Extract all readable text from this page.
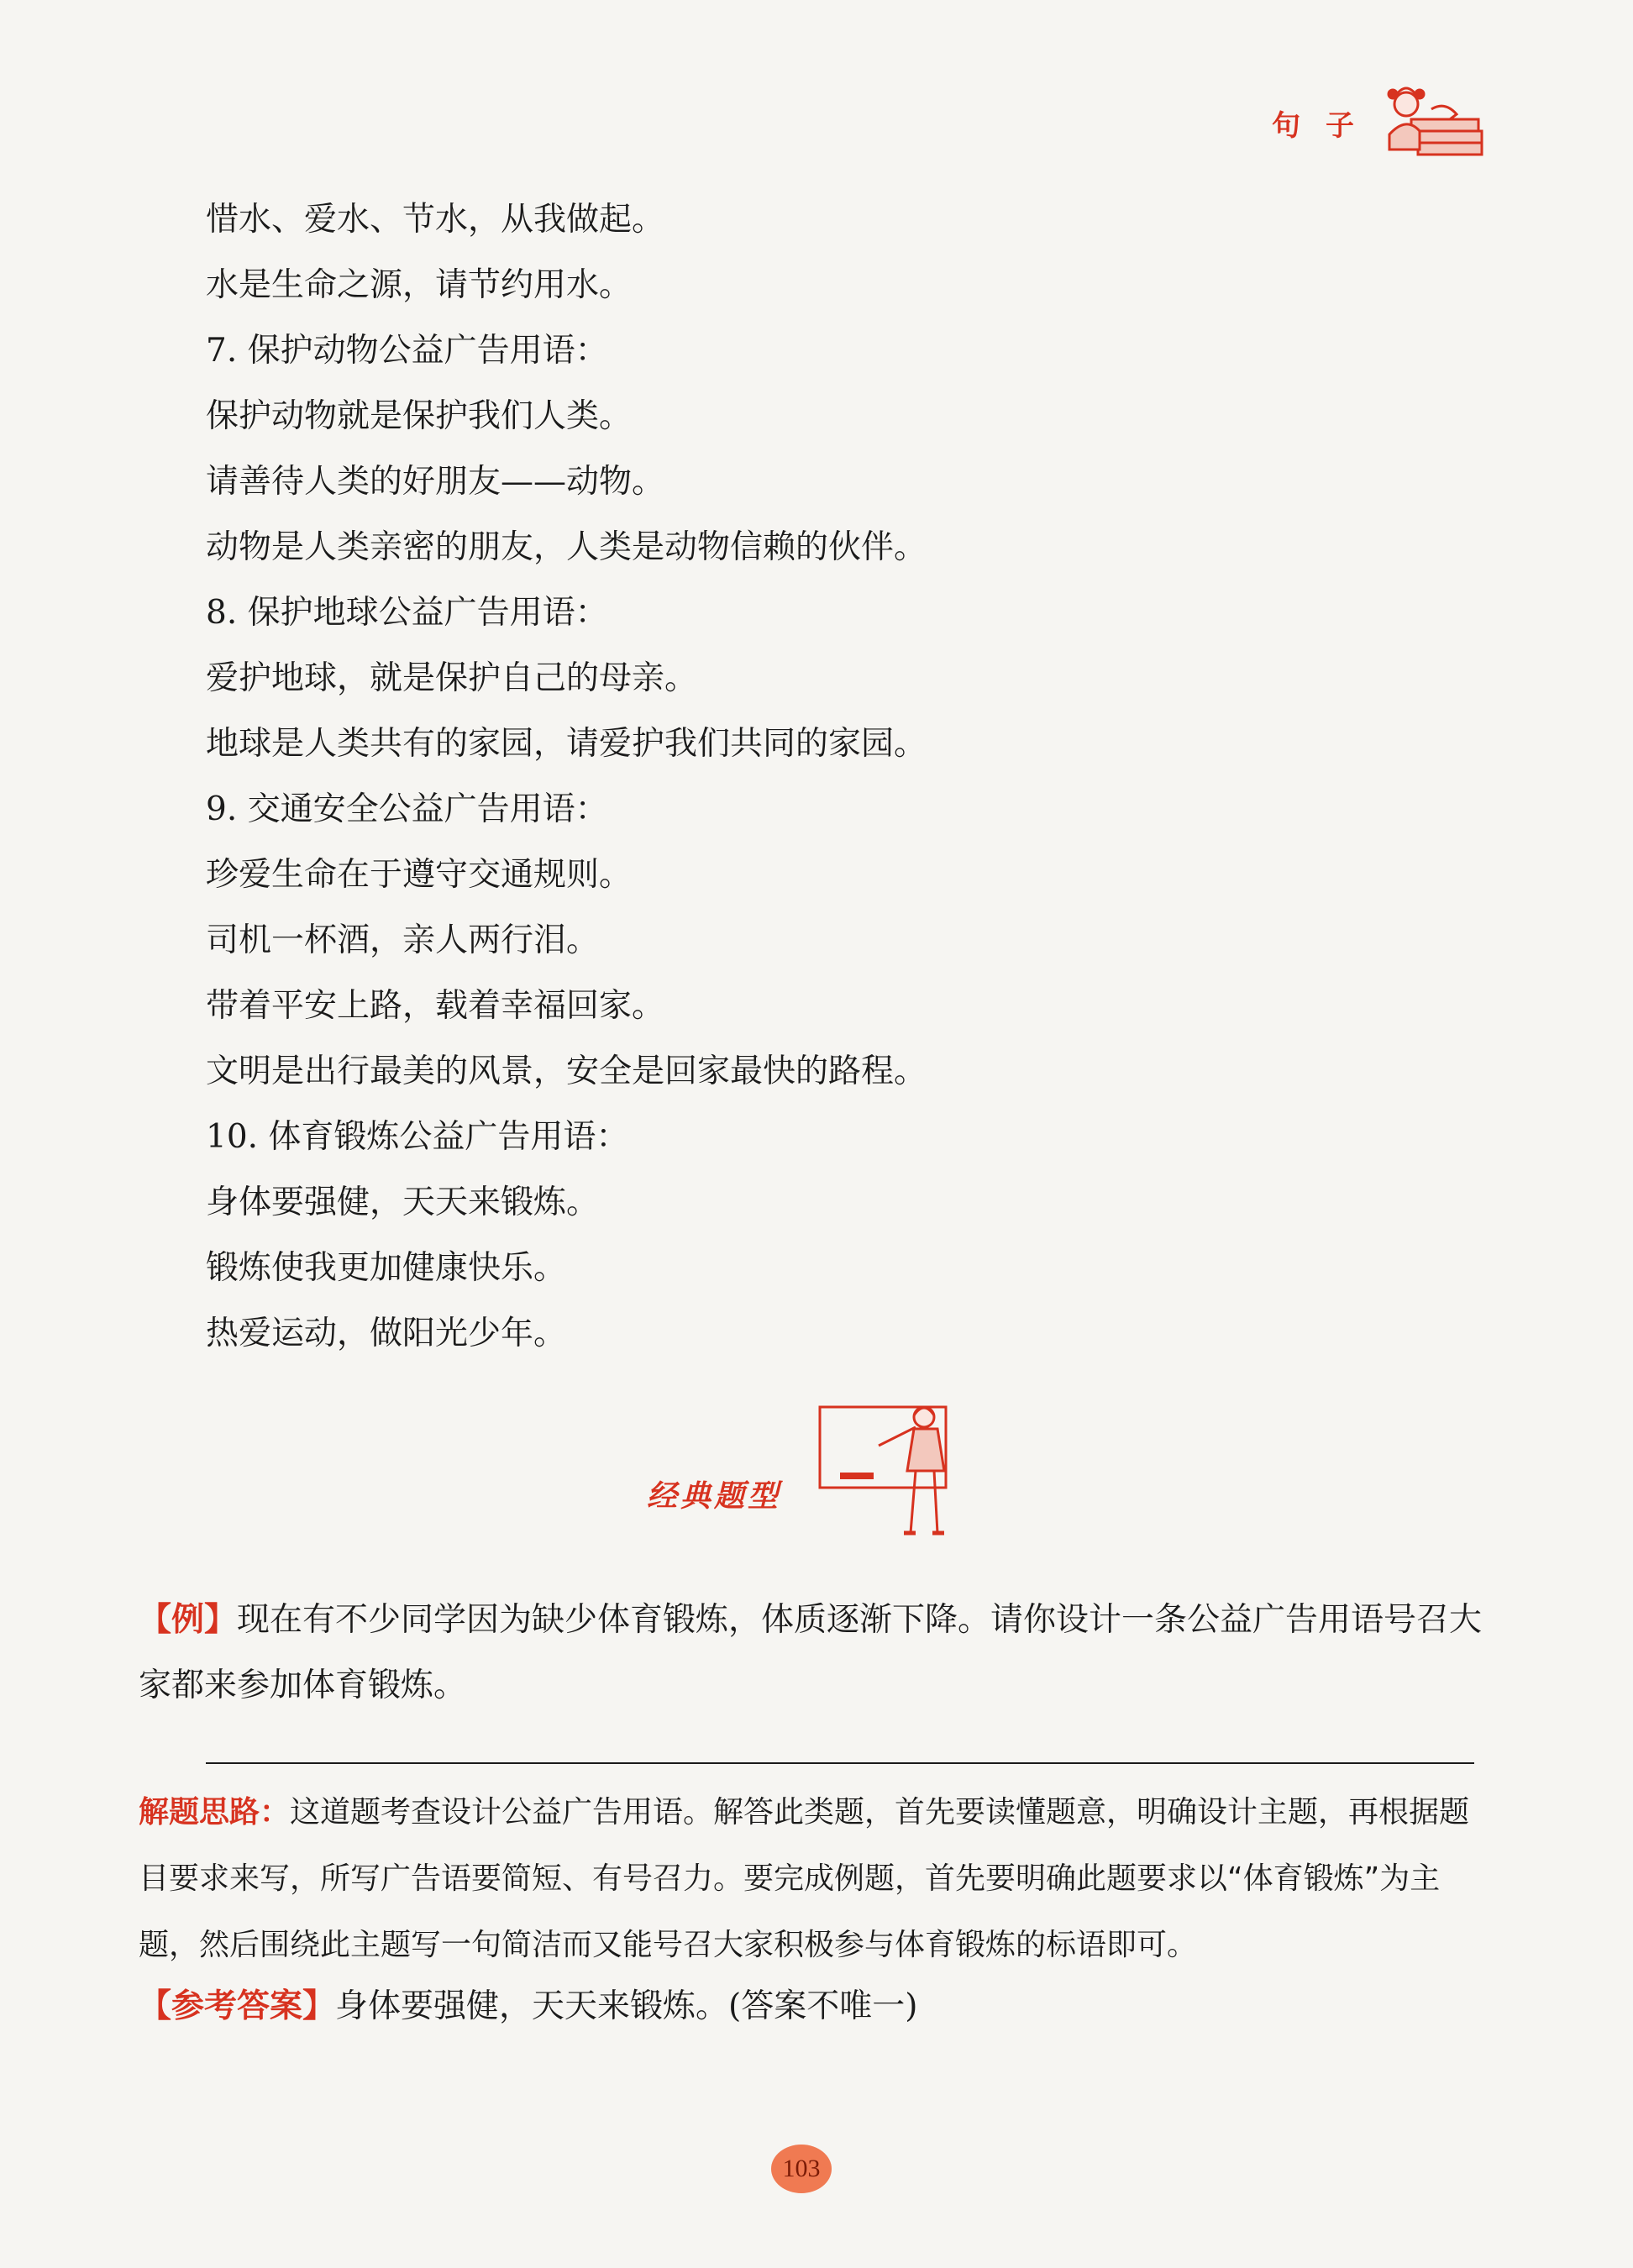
句子
惜水、爱水、节水，从我做起。
水是生命之源，请节约用水。
7. 保护动物公益广告用语：
保护动物就是保护我们人类。
请善待人类的好朋友——动物。
动物是人类亲密的朋友，人类是动物信赖的伙伴。
8. 保护地球公益广告用语：
爱护地球，就是保护自己的母亲。
地球是人类共有的家园，请爱护我们共同的家园。
9. 交通安全公益广告用语：
珍爱生命在于遵守交通规则。
司机一杯酒，亲人两行泪。
带着平安上路，载着幸福回家。
文明是出行最美的风景，安全是回家最快的路程。
10. 体育锻炼公益广告用语：
身体要强健，天天来锻炼。
锻炼使我更加健康快乐。
热爱运动，做阳光少年。
经典题型
【例】现在有不少同学因为缺少体育锻炼，体质逐渐下降。请你设计一条公益广告用语号召大家都来参加体育锻炼。
解题思路：这道题考查设计公益广告用语。解答此类题，首先要读懂题意，明确设计主题，再根据题目要求来写，所写广告语要简短、有号召力。要完成例题，首先要明确此题要求以“体育锻炼”为主题，然后围绕此主题写一句简洁而又能号召大家积极参与体育锻炼的标语即可。
【参考答案】身体要强健，天天来锻炼。(答案不唯一)
103
